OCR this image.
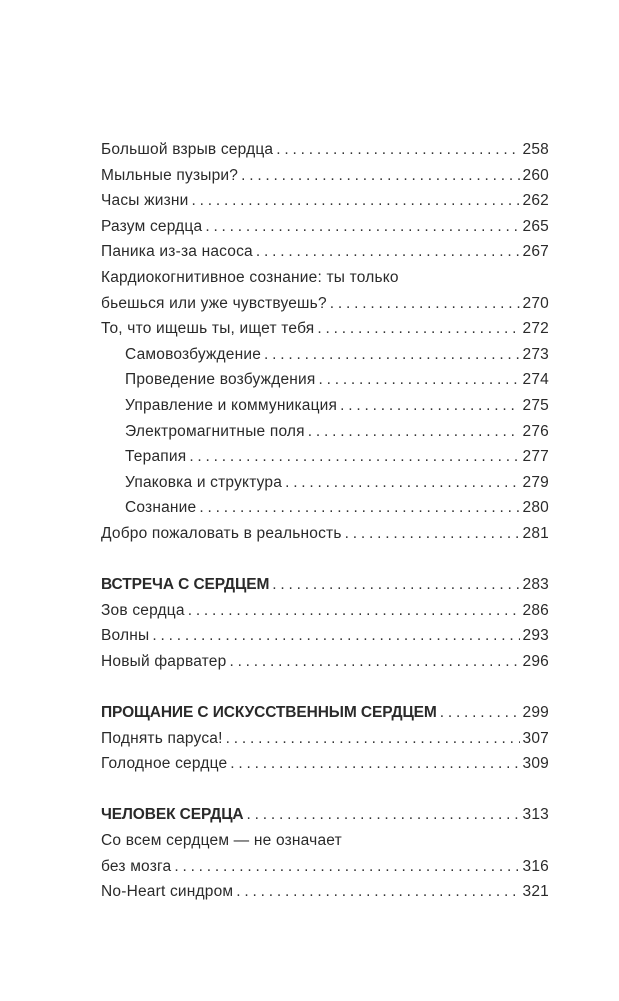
Большой взрыв сердца . . .	258
Мыльные пузыри? . . .	260
Часы жизни . . .	262
Разум сердца . . .	265
Паника из-за насоса . . .	267
Кардиокогнитивное сознание: ты только
бьешься или уже чувствуешь? . . .	270
То, что ищешь ты, ищет тебя . . .	272
Самовозбуждение . . .	273
Проведение возбуждения . . .	274
Управление и коммуникация . . .	275
Электромагнитные поля . . .	276
Терапия . . .	277
Упаковка и структура . . .	279
Сознание . . .	280
Добро пожаловать в реальность . . .	281
ВСТРЕЧА С СЕРДЦЕМ . . .	283
Зов сердца . . .	286
Волны . . .	293
Новый фарватер . . .	296
ПРОЩАНИЕ С ИСКУССТВЕННЫМ СЕРДЦЕМ . . .	299
Поднять паруса! . . .	307
Голодное сердце . . .	309
ЧЕЛОВЕК СЕРДЦА . . .	313
Со всем сердцем — не означает
без мозга . . .	316
No-Heart синдром . . .	321
